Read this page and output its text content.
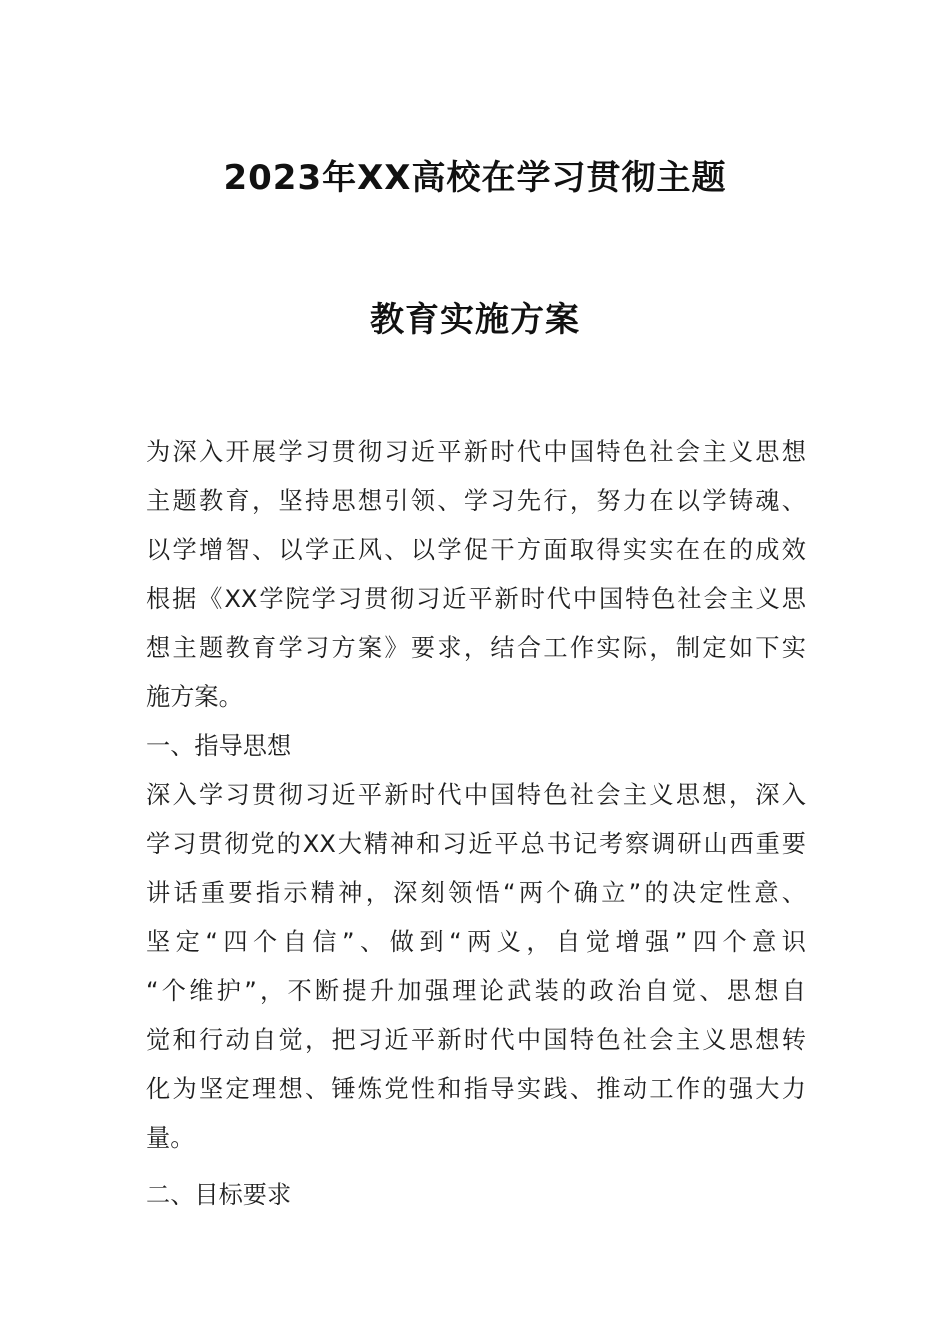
2023年XX高校在学习贯彻主题
教育实施方案
为深入开展学习贯彻习近平新时代中国特色社会主义思想
主题教育，坚持思想引领、学习先行，努力在以学铸魂、
以学增智、以学正风、以学促干方面取得实实在在的成效
根据《XX学院学习贯彻习近平新时代中国特色社会主义思
想主题教育学习方案》要求，结合工作实际，制定如下实
施方案。
一、指导思想
深入学习贯彻习近平新时代中国特色社会主义思想，深入
学习贯彻党的XX大精神和习近平总书记考察调研山西重要
讲话重要指示精神，深刻领悟“两个确立”的决定性意、
坚定“四个自信”、做到“两义，自觉增强”四个意识
“个维护”，不断提升加强理论武装的政治自觉、思想自
觉和行动自觉，把习近平新时代中国特色社会主义思想转
化为坚定理想、锤炼党性和指导实践、推动工作的强大力
量。
二、目标要求
